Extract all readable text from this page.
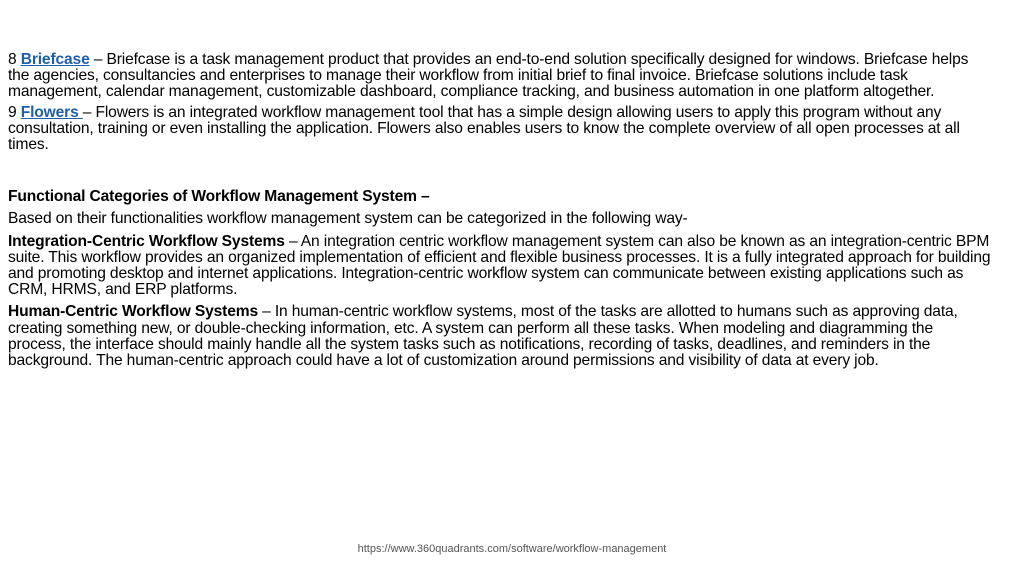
8 Briefcase – Briefcase is a task management product that provides an end-to-end solution specifically designed for windows. Briefcase helps the agencies, consultancies and enterprises to manage their workflow from initial brief to final invoice. Briefcase solutions include task management, calendar management, customizable dashboard, compliance tracking, and business automation in one platform altogether.

9 Flowers – Flowers is an integrated workflow management tool that has a simple design allowing users to apply this program without any consultation, training or even installing the application. Flowers also enables users to know the complete overview of all open processes at all times.

Functional Categories of Workflow Management System –

Based on their functionalities workflow management system can be categorized in the following way-

Integration-Centric Workflow Systems – An integration centric workflow management system can also be known as an integration-centric BPM suite. This workflow provides an organized implementation of efficient and flexible business processes. It is a fully integrated approach for building and promoting desktop and internet applications. Integration-centric workflow system can communicate between existing applications such as CRM, HRMS, and ERP platforms.

Human-Centric Workflow Systems – In human-centric workflow systems, most of the tasks are allotted to humans such as approving data, creating something new, or double-checking information, etc. A system can perform all these tasks. When modeling and diagramming the process, the interface should mainly handle all the system tasks such as notifications, recording of tasks, deadlines, and reminders in the background. The human-centric approach could have a lot of customization around permissions and visibility of data at every job.

https://www.360quadrants.com/software/workflow-management
